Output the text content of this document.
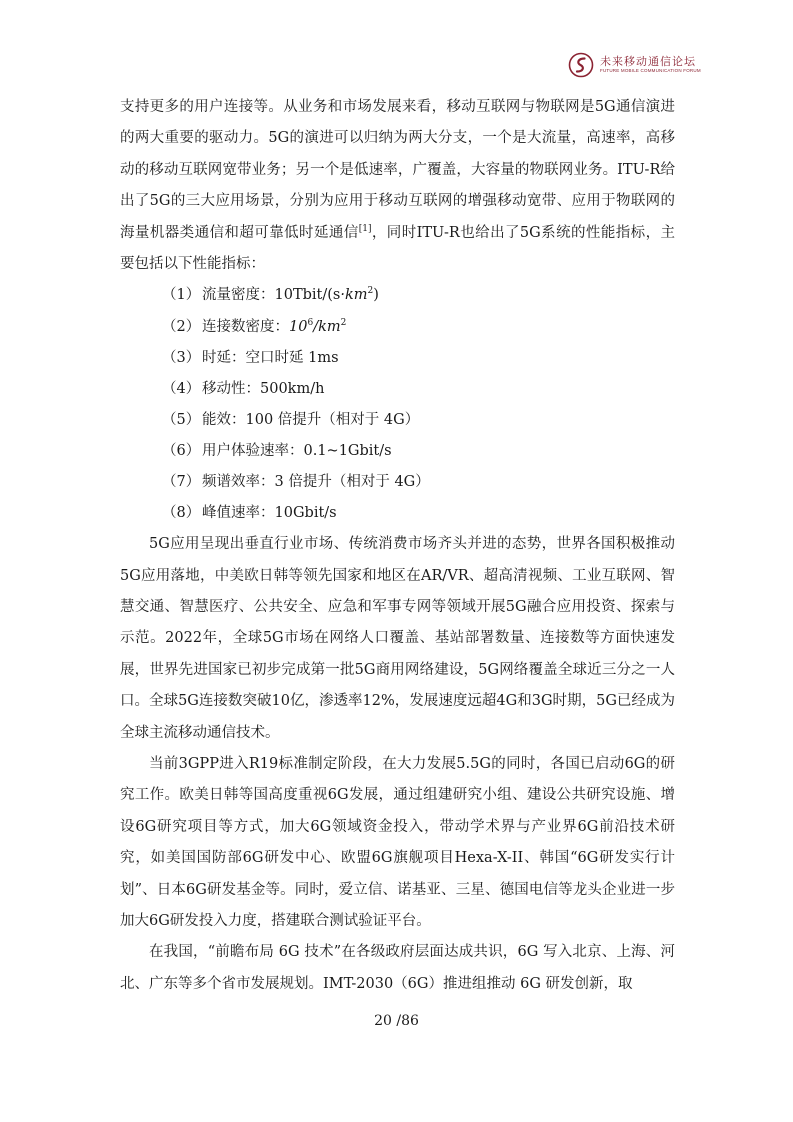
未来移动通信论坛
FUTURE MOBILE COMMUNICATION FORUM

支持更多的用户连接等。从业务和市场发展来看，移动互联网与物联网是5G通信演进的两大重要的驱动力。5G的演进可以归纳为两大分支，一个是大流量，高速率，高移动的移动互联网宽带业务；另一个是低速率，广覆盖，大容量的物联网业务。ITU-R给出了5G的三大应用场景，分别为应用于移动互联网的增强移动宽带、应用于物联网的海量机器类通信和超可靠低时延通信[1]，同时ITU-R也给出了5G系统的性能指标，主要包括以下性能指标：

（1） 流量密度：$10Tbit/(s\cdot km^2)$
（2） 连接数密度：$10^6/km^2$
（3） 时延：空口时延 1ms
（4） 移动性：500km/h
（5） 能效：100 倍提升（相对于 4G）
（6） 用户体验速率：0.1~1Gbit/s
（7） 频谱效率：3 倍提升（相对于 4G）
（8） 峰值速率：10Gbit/s

5G应用呈现出垂直行业市场、传统消费市场齐头并进的态势，世界各国积极推动5G应用落地，中美欧日韩等领先国家和地区在AR/VR、超高清视频、工业互联网、智慧交通、智慧医疗、公共安全、应急和军事专网等领域开展5G融合应用投资、探索与示范。2022年，全球5G市场在网络人口覆盖、基站部署数量、连接数等方面快速发展，世界先进国家已初步完成第一批5G商用网络建设，5G网络覆盖全球近三分之一人口。全球5G连接数突破10亿，渗透率12%，发展速度远超4G和3G时期，5G已经成为全球主流移动通信技术。

当前3GPP进入R19标准制定阶段，在大力发展5.5G的同时，各国已启动6G的研究工作。欧美日韩等国高度重视6G发展，通过组建研究小组、建设公共研究设施、增设6G研究项目等方式，加大6G领域资金投入，带动学术界与产业界6G前沿技术研究，如美国国防部6G研发中心、欧盟6G旗舰项目Hexa-X-II、韩国“6G研发实行计划”、日本6G研发基金等。同时，爱立信、诺基亚、三星、德国电信等龙头企业进一步加大6G研发投入力度，搭建联合测试验证平台。

在我国，“前瞻布局 6G 技术”在各级政府层面达成共识，6G 写入北京、上海、河北、广东等多个省市发展规划。IMT-2030（6G）推进组推动 6G 研发创新，取

20 /86
